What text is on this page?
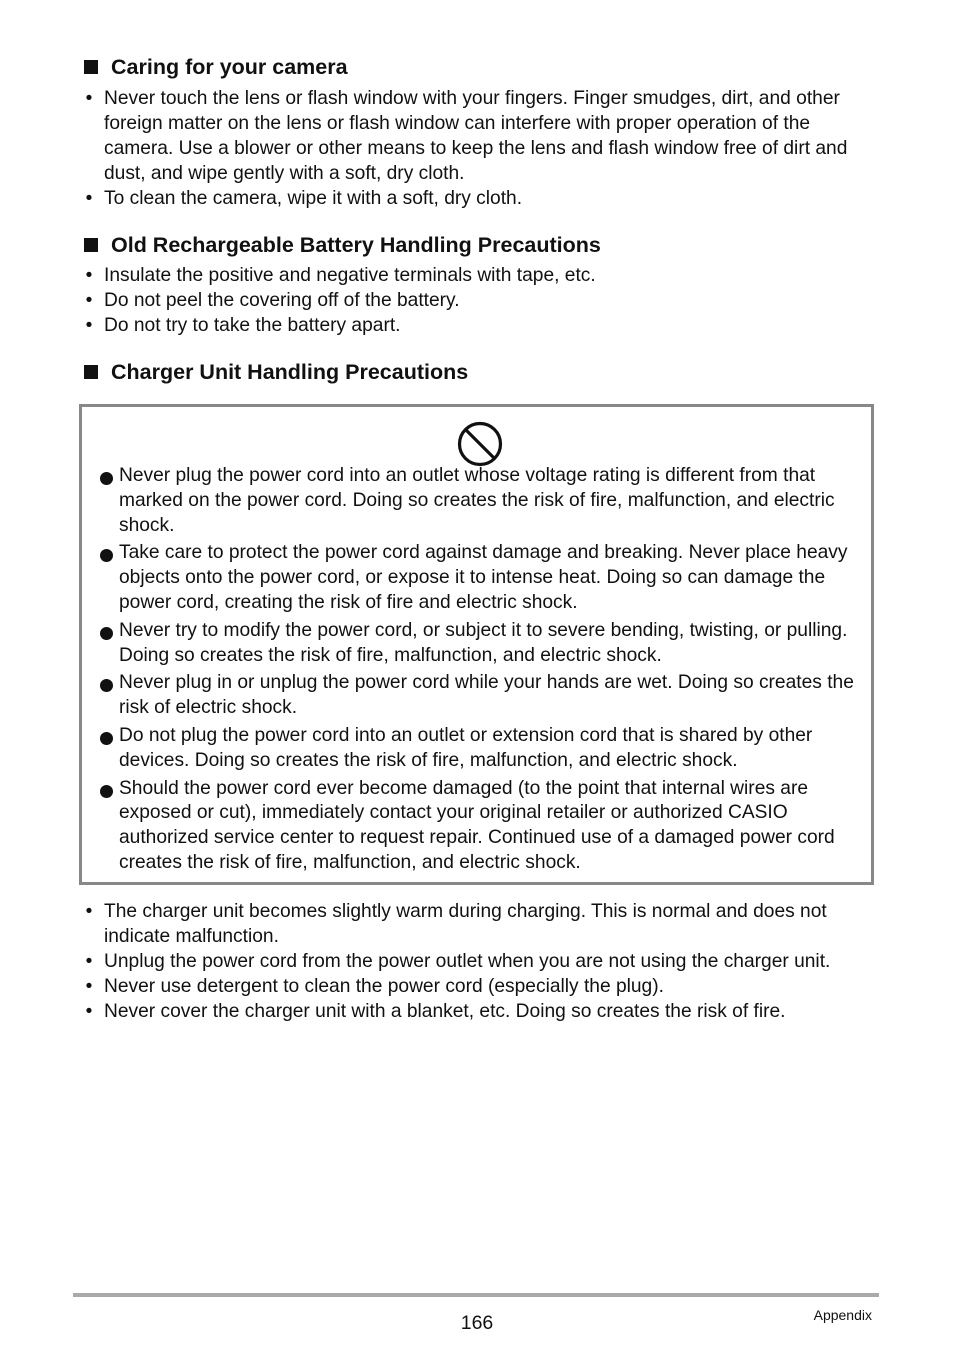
Caring for your camera
• Never touch the lens or flash window with your fingers. Finger smudges, dirt, and other foreign matter on the lens or flash window can interfere with proper operation of the camera. Use a blower or other means to keep the lens and flash window free of dirt and dust, and wipe gently with a soft, dry cloth.
• To clean the camera, wipe it with a soft, dry cloth.
Old Rechargeable Battery Handling Precautions
• Insulate the positive and negative terminals with tape, etc.
• Do not peel the covering off of the battery.
• Do not try to take the battery apart.
Charger Unit Handling Precautions
Never plug the power cord into an outlet whose voltage rating is different from that marked on the power cord. Doing so creates the risk of fire, malfunction, and electric shock.
Take care to protect the power cord against damage and breaking. Never place heavy objects onto the power cord, or expose it to intense heat. Doing so can damage the power cord, creating the risk of fire and electric shock.
Never try to modify the power cord, or subject it to severe bending, twisting, or pulling. Doing so creates the risk of fire, malfunction, and electric shock.
Never plug in or unplug the power cord while your hands are wet. Doing so creates the risk of electric shock.
Do not plug the power cord into an outlet or extension cord that is shared by other devices. Doing so creates the risk of fire, malfunction, and electric shock.
Should the power cord ever become damaged (to the point that internal wires are exposed or cut), immediately contact your original retailer or authorized CASIO authorized service center to request repair. Continued use of a damaged power cord creates the risk of fire, malfunction, and electric shock.
• The charger unit becomes slightly warm during charging. This is normal and does not indicate malfunction.
• Unplug the power cord from the power outlet when you are not using the charger unit.
• Never use detergent to clean the power cord (especially the plug).
• Never cover the charger unit with a blanket, etc. Doing so creates the risk of fire.
166	Appendix
